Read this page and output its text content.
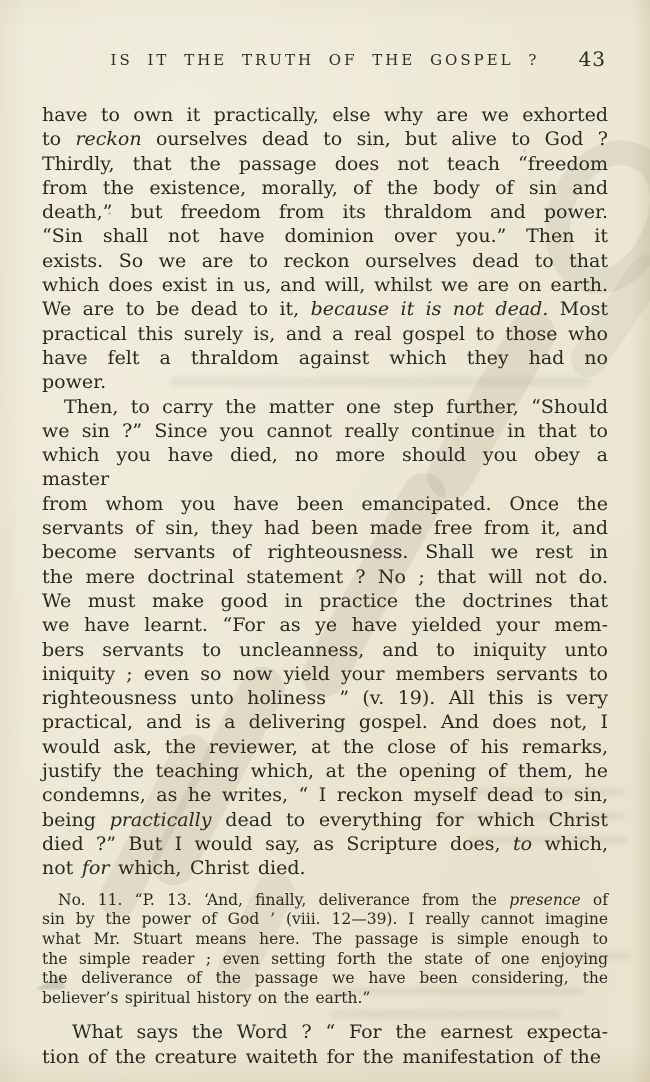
IS IT THE TRUTH OF THE GOSPEL ?	43
have to own it practically, else why are we exhorted
to reckon ourselves dead to sin, but alive to God ?
Thirdly, that the passage does not teach “freedom
from the existence, morally, of the body of sin and
death,” but freedom from its thraldom and power.
“Sin shall not have dominion over you.” Then it
exists. So we are to reckon ourselves dead to that
which does exist in us, and will, whilst we are on earth.
We are to be dead to it, because it is not dead. Most
practical this surely is, and a real gospel to those who
have felt a thraldom against which they had no
power.
Then, to carry the matter one step further, “Should
we sin ?” Since you cannot really continue in that to
which you have died, no more should you obey a master
from whom you have been emancipated. Once the
servants of sin, they had been made free from it, and
become servants of righteousness. Shall we rest in
the mere doctrinal statement ? No ; that will not do.
We must make good in practice the doctrines that
we have learnt. “For as ye have yielded your mem-
bers servants to uncleanness, and to iniquity unto
iniquity ; even so now yield your members servants to
righteousness unto holiness ” (v. 19). All this is very
practical, and is a delivering gospel. And does not, I
would ask, the reviewer, at the close of his remarks,
justify the teaching which, at the opening of them, he
condemns, as he writes, “ I reckon myself dead to sin,
being practically dead to everything for which Christ
died ?” But I would say, as Scripture does, to which,
not for which, Christ died.
No. 11. “P. 13. ‘And, finally, deliverance from the presence of
sin by the power of God ’ (viii. 12—39). I really cannot imagine
what Mr. Stuart means here. The passage is simple enough to
the simple reader ; even setting forth the state of one enjoying
the deliverance of the passage we have been considering, the
believer’s spiritual history on the earth.”
What says the Word ? “ For the earnest expecta-
tion of the creature waiteth for the manifestation of the
